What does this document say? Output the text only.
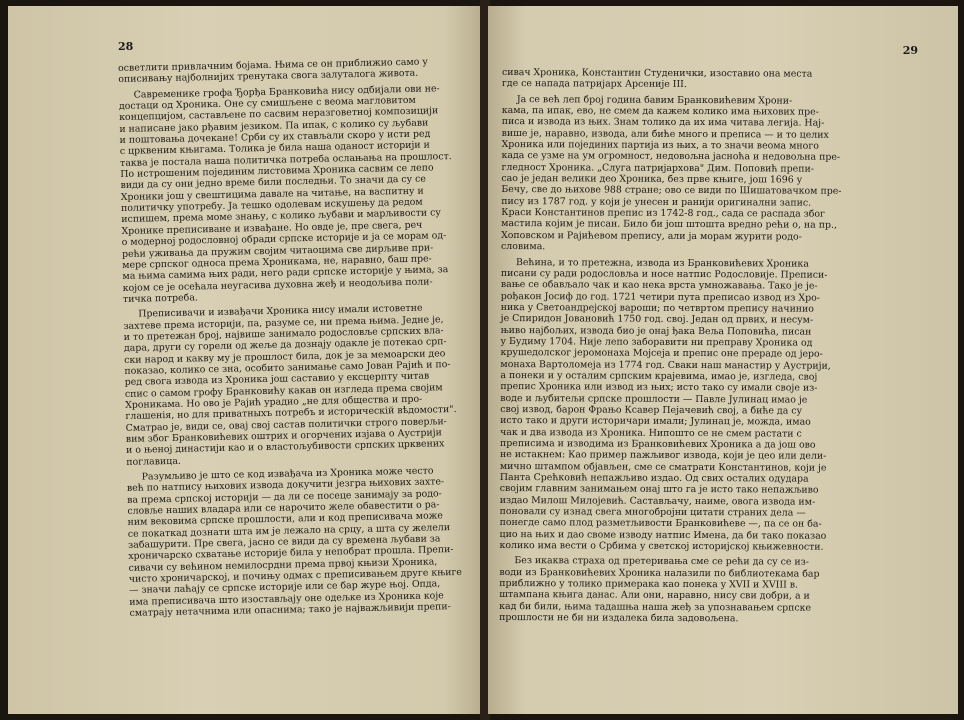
28

осветлити привлачним бојама. Њима се он приближио само у
описивању најболнијих тренутака свога залуталога живота.

Савременике грофа Ђорђа Бранковића нису одбијали ови не-
достаци од Хроника. Оне су смишљене с веома магловитом
концепцијом, састављене по сасвим неразговетној композицији
и написане јако рђавим језиком. Па ипак, с колико су љубави
и поштовања дочекане! Срби су их стављали скоро у исти ред
с црквеним књигама. Толика је била наша оданост историји и
таква је постала наша политичка потреба ослањања на прошлост.
По истрошеним појединим листовима Хроника сасвим се лепо
види да су они једно време били последњи. То значи да су се
Хроники још у свештицима давале на читање, на васпитну и
политичку употребу. Ја тешко одолевам искушењу да редом
испишем, према моме знању, с колико љубави и марљивости су
Хронике преписиване и извађане. Но овде је, пре свега, реч
о модерној родословној обради српске историје и ја се морам од-
рећи уживања да пружим својим читаоцима све дирљиве при-
мере српског односа према Хроникама, не, наравно, баш пре-
ма њима самима њих ради, него ради српске историје у њима, за
којом се је осећала неугасива духовна жеђ и неодољива поли-
тичка потреба.

Преписивачи и извађачи Хроника нису имали истоветне
захтеве према историји, па, разуме се, ни према њима. Једне је,
и то претежан број, највише занимало родословље српских вла-
дара, други су горели од жеље да дознају одакле је потекао срп-
ски народ и какву му је прошлост била, док је за мемоарски део
показао, колико се зна, особито занимање само Јован Рајић и по-
ред свога извода из Хроника још саставио у ексцерпту читав
спис о самом грофу Бранковићу какав он изгледа према својим
Хроникама. Но ово је Рајић урадио „не для общества и про-
глашенія, но для приватныхъ потребъ и историческій вѣдомости".
Сматрао је, види се, овај свој састав политички строго поверљи-
вим због Бранковићевих оштрих и огорчених изјава о Аустрији
и о њеној династији као и о властољубивости српских црквених
поглавица.

Разумљиво је што се код извађача из Хроника може често
већ по натпису њихових извода докучити језгра њихових захте-
ва према српској историји — да ли се посеце занимају за родо-
словље наших владара или се нарочито желе обавестити о ра-
ним вековима српске прошлости, али и код преписивача може
се покаткад дознати шта им је лежало на срцу, а шта су желели
забашурити. Пре свега, јасно се види да су времена љубави за
хроничарско схватање историје била у непобрат прошла. Препи-
сивачи су већином немилосрдни према првој књизи Хроника,
чисто хроничарској, и почињу одмах с преписивањем друге књиге
— значи лаћају се српске историје или се бар журе њој. Опда,
има преписивача што изостављају оне одељке из Хроника које
сматрају нетачнима или опаснима; тако је најважљивији препи-

29

сивач Хроника, Константин Студенички, изоставио она места
где се напада патријарх Арсеније III.

Ја се већ леп број година бавим Бранковићевим Хрони-
кама, па ипак, ево, не смем да кажем колико има њихових пре-
писа и извода из њих. Знам толико да их има читава легија. Нај-
више је, наравно, извода, али биће много и преписа — и то целих
Хроника или појединих партија из њих, а то значи веома много
када се узме на ум огромност, недовољна јасноћа и недовољна пре-
гледност Хроника. „Слуга патријархова" Дим. Поповић препи-
сао је један велики део Хроника, без прве књиге, још 1696 у
Бечу, све до њихове 988 стране; ово се види по Шишатовачком пре-
пису из 1787 год. у који је унесен и ранији оригинални запис.
Краси Константинов препис из 1742-8 год., сада се распада због
мастила којим је писан. Било би још штошта вредно рећи о, на пр.,
Хоповском и Рајићевом препису, али ја морам журити родо-
словима.

Већина, и то претежна, извода из Бранковићевих Хроника
писани су ради родословља и носе натпис Родословије. Преписи-
вање се обављало чак и као нека врста умножавања. Тако је је-
рођакон Јосиф до год. 1721 четири пута преписао извод из Хро-
ника у Светоандрејској вароши; по четвртом препису начинио
је Спиридон Јовановић 1750 год. свој. Један од првих, и несум-
њиво најбољих, извода био је онај ђака Веља Поповића, писан
у Будиму 1704. Није лепо заборавити ни преправу Хроника од
крушедолског јеромонаха Мојсеја и препис оне прераде од јеро-
монаха Вартоломеја из 1774 год. Сваки наш манастир у Аустрији,
а понеки и у осталим српским крајевима, имао је, изгледа, свој
препис Хроника или извод из њих; исто тако су имали своје из-
воде и љубитељи српске прошлости — Павле Јулинац имао је
свој извод, барон Фрањо Ксавер Пејачевић свој, а биће да су
исто тако и други историчари имали; Јулинац је, можда, имао
чак и два извода из Хроника. Нипошто се не смем растати с
преписима и изводима из Бранковићевих Хроника а да још ово
не истакнем: Као пример пажљивог извода, који је цео или дели-
мично штампом објављен, сме се сматрати Константинов, који је
Панта Срећковић непажљиво издао. Од свих осталих одудара
својим главним занимањем онај што га је исто тако непажљиво
издао Милош Милојевић. Састављачу, наиме, овога извода им-
поновали су изнад свега многобројни цитати страних дела —
понегде само плод разметљивости Бранковићеве —, па се он ба-
цио на њих и дао своме изводу натпис Имена, да би тако показао
колико има вести о Србима у светској историјској књижевности.

Без икаква страха од претеривања сме се рећи да су се из-
води из Бранковићевих Хроника налазили по библиотекама бар
приближно у толико примерака као понека у XVII и XVIII в.
штампана књига данас. Али они, наравно, нису сви добри, а и
кад би били, њима тадашња наша жеђ за упознавањем српске
прошлости не би ни издалека била задовољена.
